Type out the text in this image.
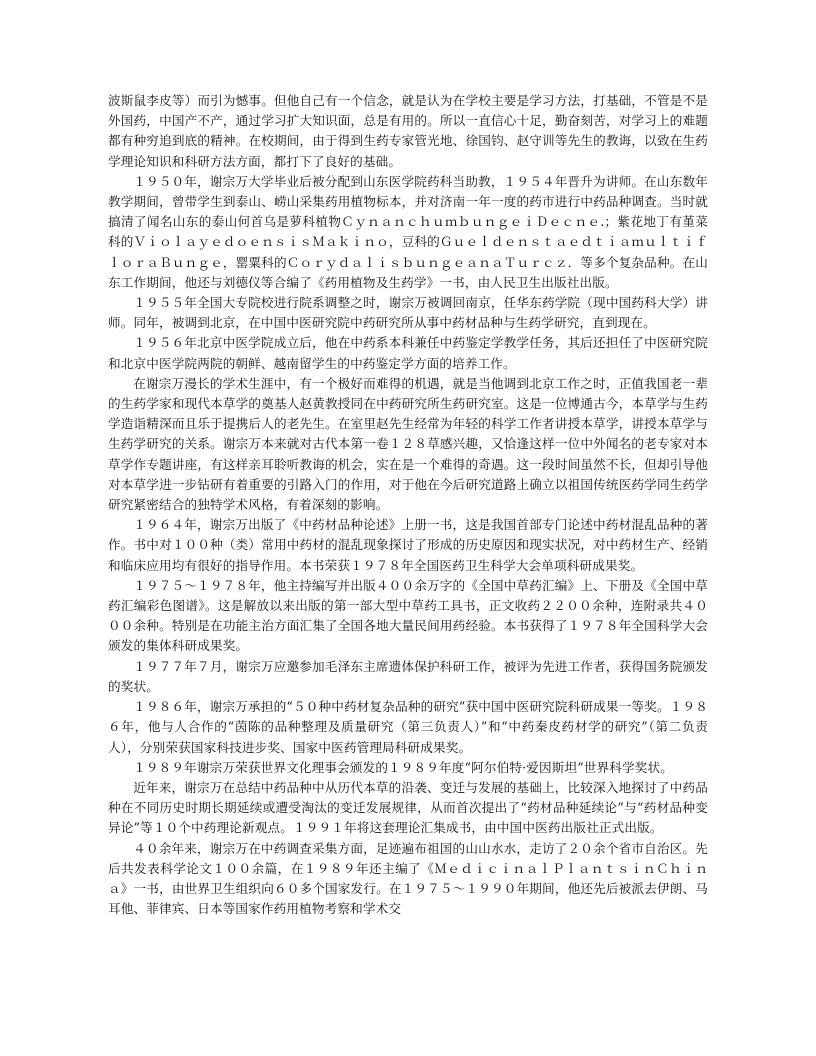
波斯鼠李皮等）而引为憾事。但他自己有一个信念，就是认为在学校主要是学习方法，打基础，不管是不是外国药，中国产不产，通过学习扩大知识面，总是有用的。所以一直信心十足，勤奋刻苦，对学习上的难题都有种穷追到底的精神。在校期间，由于得到生药专家管光地、徐国钧、赵守训等先生的教诲，以致在生药学理论知识和科研方法方面，都打下了良好的基础。

１９５０年，谢宗万大学毕业后被分配到山东医学院药科当助教，１９５４年晋升为讲师。在山东数年教学期间，曾带学生到泰山、崂山采集药用植物标本，并对济南一年一度的药市进行中药品种调查。当时就搞清了闻名山东的泰山何首乌是萝科植物ＣｙｎａｎｃｈｕｍｂｕｎｇｅｉＤｅｃｎｅ.；紫花地丁有堇菜科的ＶｉｏｌａｙｅｄｏｅｎｓｉｓＭａｋｉｎｏ，豆科的ＧｕｅｌｄｅｎｓｔａｅｄｔｉａｍｕｌｔｉｆｌｏｒａＢｕｎｇｅ，罂粟科的ＣｏｒｙｄａｌｉｓｂｕｎｇｅａｎａＴｕｒｃｚ．等多个复杂品种。在山东工作期间，他还与刘德仪等合编了《药用植物及生药学》一书，由人民卫生出版社出版。

１９５５年全国大专院校进行院系调整之时，谢宗万被调回南京，任华东药学院（现中国药科大学）讲师。同年，被调到北京，在中国中医研究院中药研究所从事中药材品种与生药学研究，直到现在。

１９５６年北京中医学院成立后，他在中药系本科兼任中药鉴定学教学任务，其后还担任了中医研究院和北京中医学院两院的朝鲜、越南留学生的中药鉴定学方面的培养工作。

在谢宗万漫长的学术生涯中，有一个极好而难得的机遇，就是当他调到北京工作之时，正值我国老一辈的生药学家和现代本草学的奠基人赵黄教授同在中药研究所生药研究室。这是一位博通古今，本草学与生药学造诣精深而且乐于提携后人的老先生。在室里赵先生经常为年轻的科学工作者讲授本草学，讲授本草学与生药学研究的关系。谢宗万本来就对古代本第一卷１２８草感兴趣，又恰逢这样一位中外闻名的老专家对本草学作专题讲座，有这样亲耳聆听教诲的机会，实在是一个难得的奇遇。这一段时间虽然不长，但却引导他对本草学进一步钻研有着重要的引路入门的作用，对于他在今后研究道路上确立以祖国传统医药学同生药学研究紧密结合的独特学术风格，有着深刻的影响。

１９６４年，谢宗万出版了《中药材品种论述》上册一书，这是我国首部专门论述中药材混乱品种的著作。书中对１００种（类）常用中药材的混乱现象探讨了形成的历史原因和现实状况，对中药材生产、经销和临床应用均有很好的指导作用。本书荣获１９７８年全国医药卫生科学大会单项科研成果奖。

１９７５～１９７８年，他主持编写并出版４００余万字的《全国中草药汇编》上、下册及《全国中草药汇编彩色图谱》。这是解放以来出版的第一部大型中草药工具书，正文收药２２００余种，连附录共４０００余种。特别是在功能主治方面汇集了全国各地大量民间用药经验。本书获得了１９７８年全国科学大会颁发的集体科研成果奖。

１９７７年７月，谢宗万应邀参加毛泽东主席遗体保护科研工作，被评为先进工作者，获得国务院颁发的奖状。

１９８６年，谢宗万承担的“５０种中药材复杂品种的研究”获中国中医研究院科研成果一等奖。１９８６年，他与人合作的“茵陈的品种整理及质量研究（第三负责人）”和“中药秦皮药材学的研究”（第二负责人），分别荣获国家科技进步奖、国家中医药管理局科研成果奖。

１９８９年谢宗万荣获世界文化理事会颁发的１９８９年度“阿尔伯特·爱因斯坦”世界科学奖状。

近年来，谢宗万在总结中药品种中从历代本草的沿袭、变迁与发展的基础上，比较深入地探讨了中药品种在不同历史时期长期延续或遭受淘汰的变迁发展规律，从而首次提出了“药材品种延续论”与“药材品种变异论”等１０个中药理论新观点。１９９１年将这套理论汇集成书，由中国中医药出版社正式出版。

４０余年来，谢宗万在中药调查采集方面，足迹遍布祖国的山山水水，走访了２０余个省市自治区。先后共发表科学论文１００余篇，在１９８９年还主编了《ＭｅｄｉｃｉｎａｌＰｌａｎｔｓｉｎＣｈｉｎａ》一书，由世界卫生组织向６０多个国家发行。在１９７５～１９９０年期间，他还先后被派去伊朗、马耳他、菲律宾、日本等国家作药用植物考察和学术交
